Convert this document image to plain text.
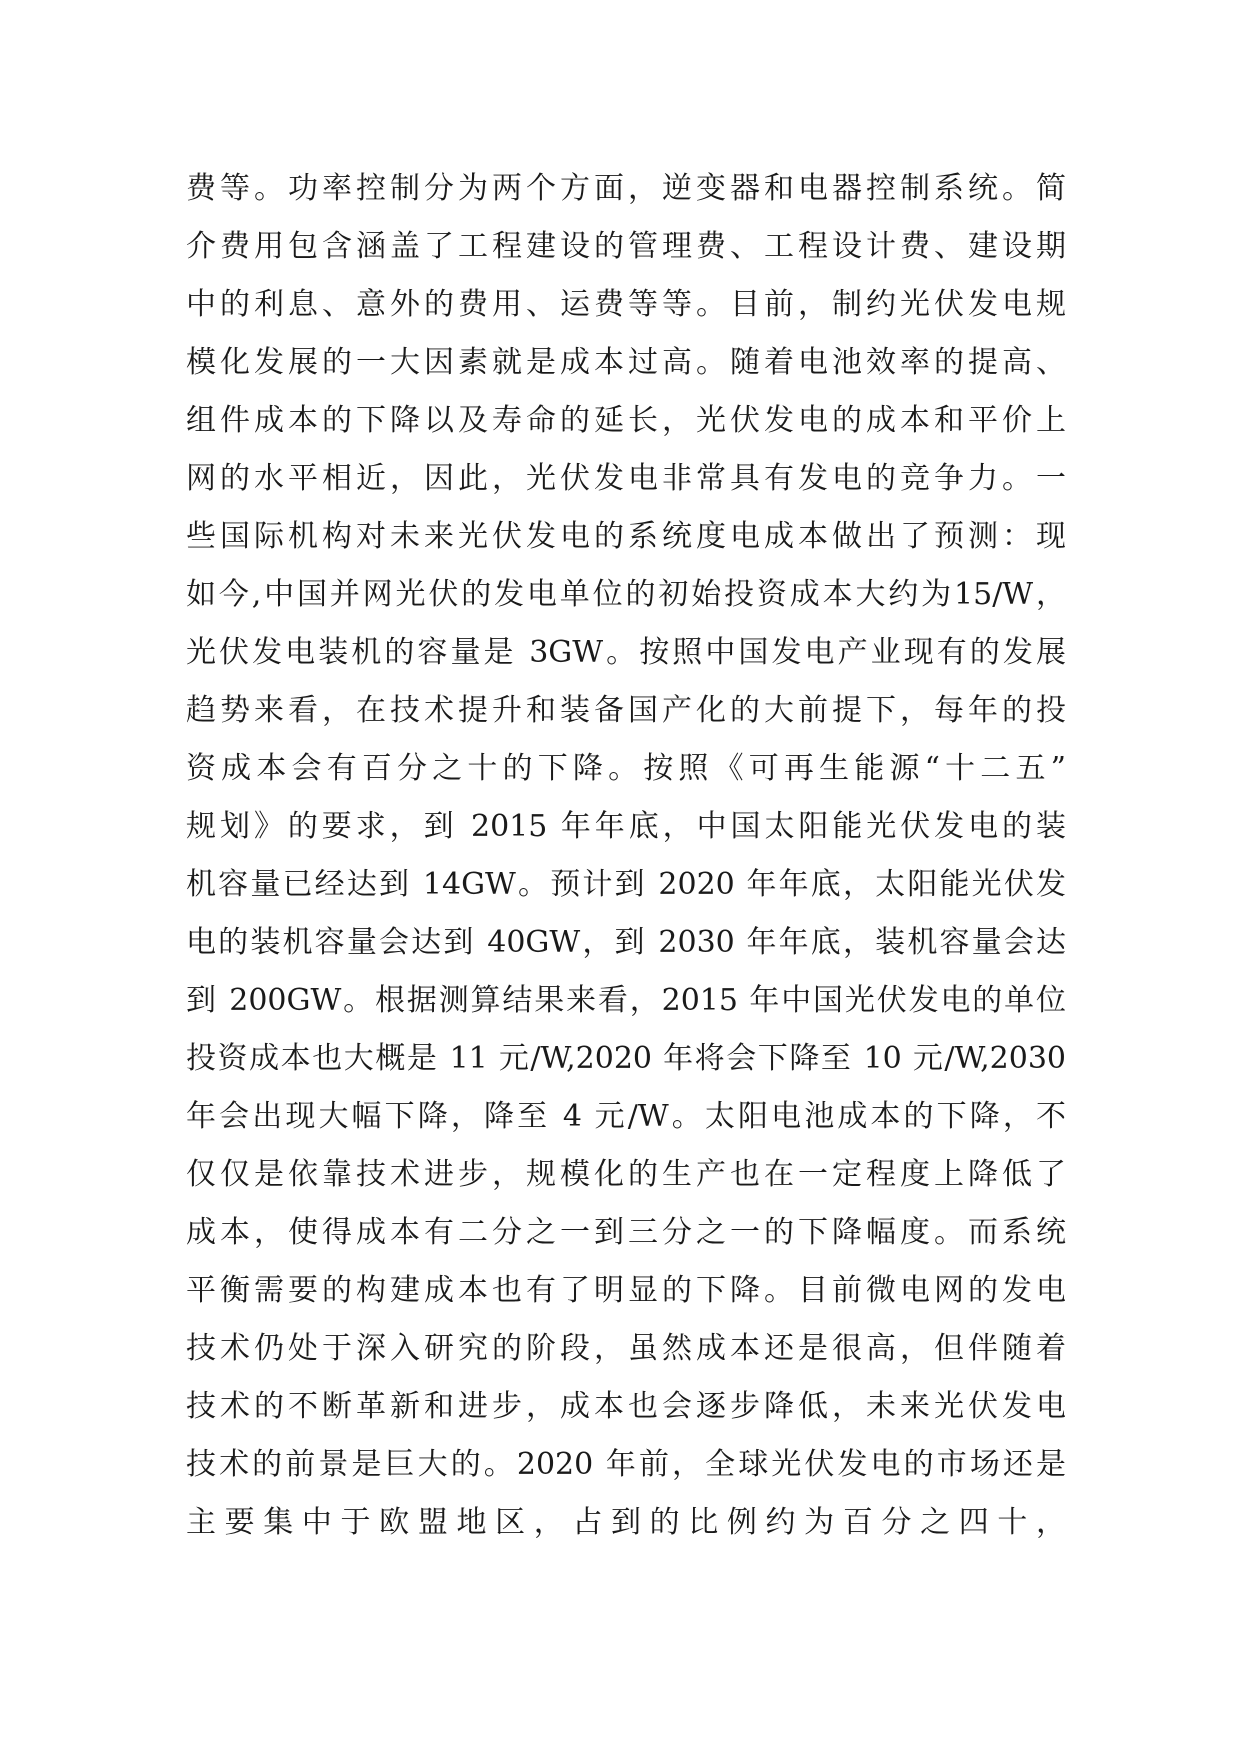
费等。功率控制分为两个方面，逆变器和电器控制系统。简
介费用包含涵盖了工程建设的管理费、工程设计费、建设期
中的利息、意外的费用、运费等等。目前，制约光伏发电规
模化发展的一大因素就是成本过高。随着电池效率的提高、
组件成本的下降以及寿命的延长，光伏发电的成本和平价上
网的水平相近，因此，光伏发电非常具有发电的竞争力。一
些国际机构对未来光伏发电的系统度电成本做出了预测：现
如今,中国并网光伏的发电单位的初始投资成本大约为15/W，
光伏发电装机的容量是 3GW。按照中国发电产业现有的发展
趋势来看，在技术提升和装备国产化的大前提下，每年的投
资成本会有百分之十的下降。按照《可再生能源“十二五”
规划》的要求，到 2015 年年底，中国太阳能光伏发电的装
机容量已经达到 14GW。预计到 2020 年年底，太阳能光伏发
电的装机容量会达到 40GW，到 2030 年年底，装机容量会达
到 200GW。根据测算结果来看，2015 年中国光伏发电的单位
投资成本也大概是 11 元/W,2020 年将会下降至 10 元/W,2030
年会出现大幅下降，降至 4 元/W。太阳电池成本的下降，不
仅仅是依靠技术进步，规模化的生产也在一定程度上降低了
成本，使得成本有二分之一到三分之一的下降幅度。而系统
平衡需要的构建成本也有了明显的下降。目前微电网的发电
技术仍处于深入研究的阶段，虽然成本还是很高，但伴随着
技术的不断革新和进步，成本也会逐步降低，未来光伏发电
技术的前景是巨大的。2020 年前，全球光伏发电的市场还是
主要集中于欧盟地区，占到的比例约为百分之四十，
